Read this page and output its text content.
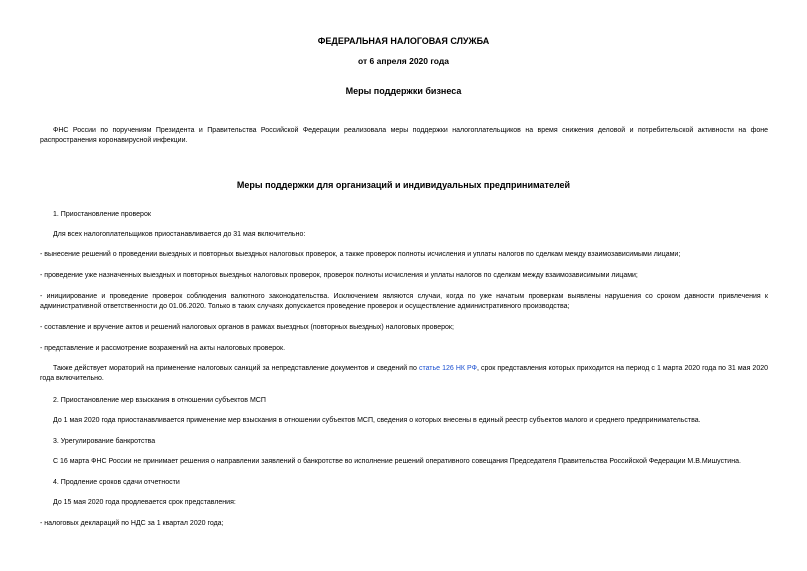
ФЕДЕРАЛЬНАЯ НАЛОГОВАЯ СЛУЖБА
от 6 апреля 2020 года
Меры поддержки бизнеса

ФНС России по поручениям Президента и Правительства Российской Федерации реализовала меры поддержки налогоплательщиков на время снижения деловой и потребительской активности на фоне распространения коронавирусной инфекции.

Меры поддержки для организаций и индивидуальных предпринимателей

1. Приостановление проверок

Для всех налогоплательщиков приостанавливается до 31 мая включительно:

- вынесение решений о проведении выездных и повторных выездных налоговых проверок, а также проверок полноты исчисления и уплаты налогов по сделкам между взаимозависимыми лицами;

- проведение уже назначенных выездных и повторных выездных налоговых проверок, проверок полноты исчисления и уплаты налогов по сделкам между взаимозависимыми лицами;

- инициирование и проведение проверок соблюдения валютного законодательства. Исключением являются случаи, когда по уже начатым проверкам выявлены нарушения со сроком давности привлечения к административной ответственности до 01.06.2020. Только в таких случаях допускается проведение проверок и осуществление административного производства;

- составление и вручение актов и решений налоговых органов в рамках выездных (повторных выездных) налоговых проверок;

- представление и рассмотрение возражений на акты налоговых проверок.

Также действует мораторий на применение налоговых санкций за непредставление документов и сведений по статье 126 НК РФ, срок представления которых приходится на период с 1 марта 2020 года по 31 мая 2020 года включительно.

2. Приостановление мер взыскания в отношении субъектов МСП

До 1 мая 2020 года приостанавливается применение мер взыскания в отношении субъектов МСП, сведения о которых внесены в единый реестр субъектов малого и среднего предпринимательства.

3. Урегулирование банкротства

С 16 марта ФНС России не принимает решения о направлении заявлений о банкротстве во исполнение решений оперативного совещания Председателя Правительства Российской Федерации М.В.Мишустина.

4. Продление сроков сдачи отчетности

До 15 мая 2020 года продлевается срок представления:

- налоговых деклараций по НДС за 1 квартал 2020 года;
